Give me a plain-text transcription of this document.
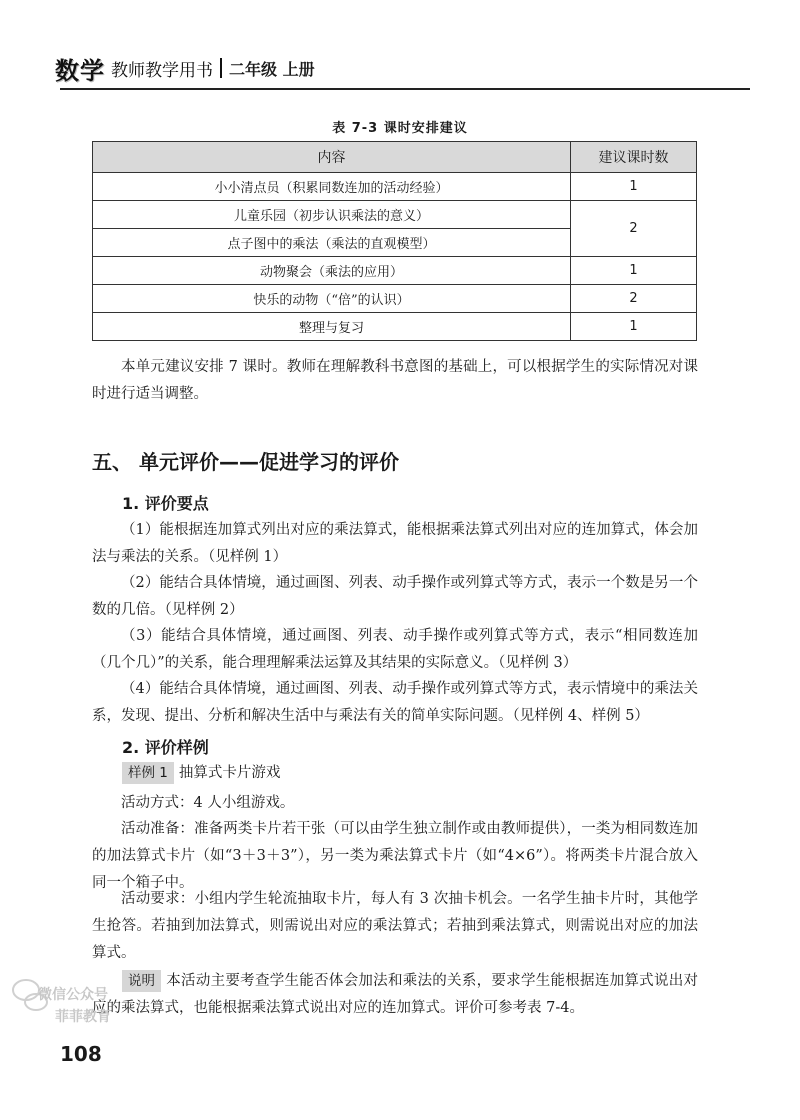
数学 教师教学用书 二年级 上册
表 7-3 课时安排建议
内容	建议课时数
小小清点员（积累同数连加的活动经验）	1
儿童乐园（初步认识乘法的意义）	2
点子图中的乘法（乘法的直观模型）	
动物聚会（乘法的应用）	1
快乐的动物（“倍”的认识）	2
整理与复习	1
本单元建议安排 7 课时。教师在理解教科书意图的基础上，可以根据学生的实际情况对课时进行适当调整。
五、 单元评价——促进学习的评价
1. 评价要点
（1）能根据连加算式列出对应的乘法算式，能根据乘法算式列出对应的连加算式，体会加法与乘法的关系。（见样例 1）
（2）能结合具体情境，通过画图、列表、动手操作或列算式等方式，表示一个数是另一个数的几倍。（见样例 2）
（3）能结合具体情境，通过画图、列表、动手操作或列算式等方式，表示“相同数连加（几个几）”的关系，能合理理解乘法运算及其结果的实际意义。（见样例 3）
（4）能结合具体情境，通过画图、列表、动手操作或列算式等方式，表示情境中的乘法关系，发现、提出、分析和解决生活中与乘法有关的简单实际问题。（见样例 4、样例 5）
2. 评价样例
样例 1 抽算式卡片游戏
活动方式：4 人小组游戏。
活动准备：准备两类卡片若干张（可以由学生独立制作或由教师提供），一类为相同数连加的加法算式卡片（如“3＋3＋3”），另一类为乘法算式卡片（如“4×6”）。将两类卡片混合放入同一个箱子中。
活动要求：小组内学生轮流抽取卡片，每人有 3 次抽卡机会。一名学生抽卡片时，其他学生抢答。若抽到加法算式，则需说出对应的乘法算式；若抽到乘法算式，则需说出对应的加法算式。
说明 本活动主要考查学生能否体会加法和乘法的关系，要求学生能根据连加算式说出对应的乘法算式，也能根据乘法算式说出对应的连加算式。评价可参考表 7-4。
微信公众号
菲菲教育
108
